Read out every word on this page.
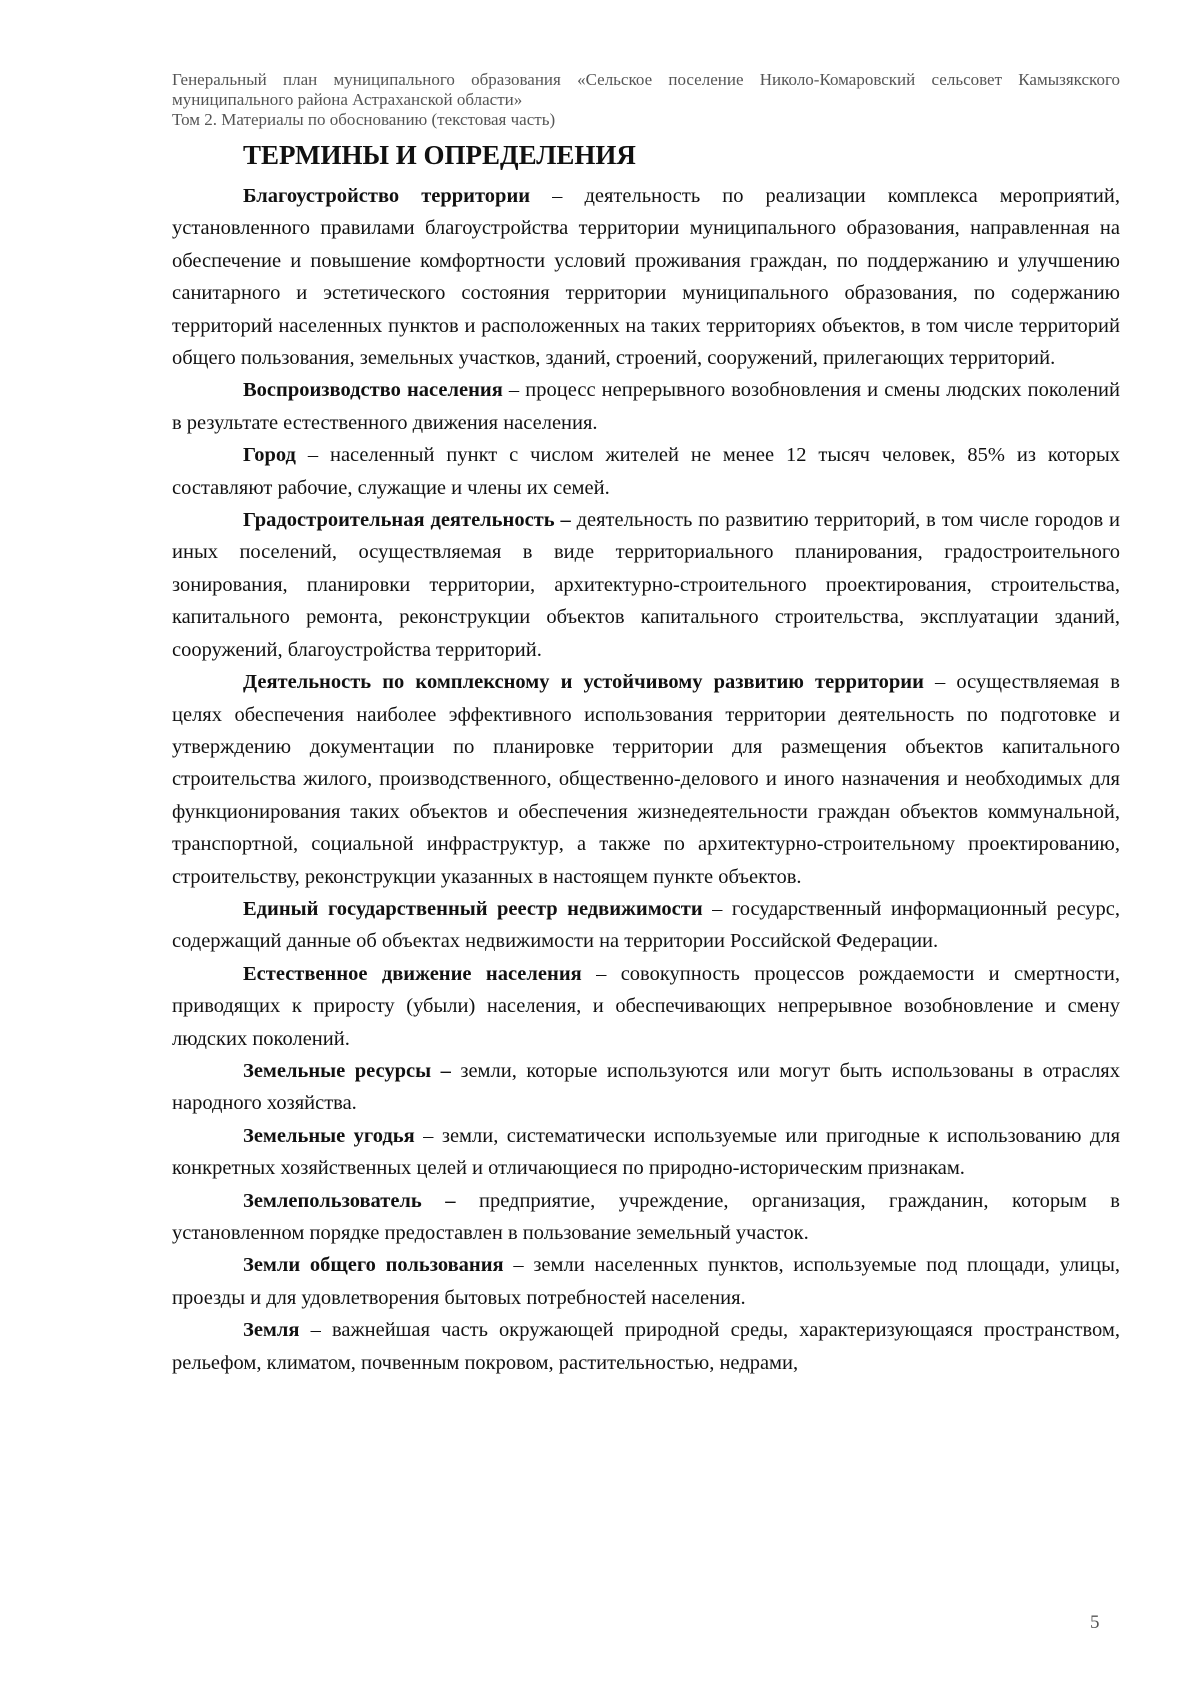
Генеральный план муниципального образования «Сельское поселение Николо-Комаровский сельсовет Камызякского муниципального района Астраханской области»

Том 2. Материалы по обоснованию (текстовая часть)

ТЕРМИНЫ И ОПРЕДЕЛЕНИЯ

Благоустройство территории – деятельность по реализации комплекса мероприятий, установленного правилами благоустройства территории муниципального образования, направленная на обеспечение и повышение комфортности условий проживания граждан, по поддержанию и улучшению санитарного и эстетического состояния территории муниципального образования, по содержанию территорий населенных пунктов и расположенных на таких территориях объектов, в том числе территорий общего пользования, земельных участков, зданий, строений, сооружений, прилегающих территорий.

Воспроизводство населения – процесс непрерывного возобновления и смены людских поколений в результате естественного движения населения.

Город – населенный пункт с числом жителей не менее 12 тысяч человек, 85% из которых составляют рабочие, служащие и члены их семей.

Градостроительная деятельность – деятельность по развитию территорий, в том числе городов и иных поселений, осуществляемая в виде территориального планирования, градостроительного зонирования, планировки территории, архитектурно-строительного проектирования, строительства, капитального ремонта, реконструкции объектов капитального строительства, эксплуатации зданий, сооружений, благоустройства территорий.

Деятельность по комплексному и устойчивому развитию территории – осуществляемая в целях обеспечения наиболее эффективного использования территории деятельность по подготовке и утверждению документации по планировке территории для размещения объектов капитального строительства жилого, производственного, общественно-делового и иного назначения и необходимых для функционирования таких объектов и обеспечения жизнедеятельности граждан объектов коммунальной, транспортной, социальной инфраструктур, а также по архитектурно-строительному проектированию, строительству, реконструкции указанных в настоящем пункте объектов.

Единый государственный реестр недвижимости – государственный информационный ресурс, содержащий данные об объектах недвижимости на территории Российской Федерации.

Естественное движение населения – совокупность процессов рождаемости и смертности, приводящих к приросту (убыли) населения, и обеспечивающих непрерывное возобновление и смену людских поколений.

Земельные ресурсы – земли, которые используются или могут быть использованы в отраслях народного хозяйства.

Земельные угодья – земли, систематически используемые или пригодные к использованию для конкретных хозяйственных целей и отличающиеся по природно-историческим признакам.

Землепользователь – предприятие, учреждение, организация, гражданин, которым в установленном порядке предоставлен в пользование земельный участок.

Земли общего пользования – земли населенных пунктов, используемые под площади, улицы, проезды и для удовлетворения бытовых потребностей населения.

Земля – важнейшая часть окружающей природной среды, характеризующаяся пространством, рельефом, климатом, почвенным покровом, растительностью, недрами,

5
